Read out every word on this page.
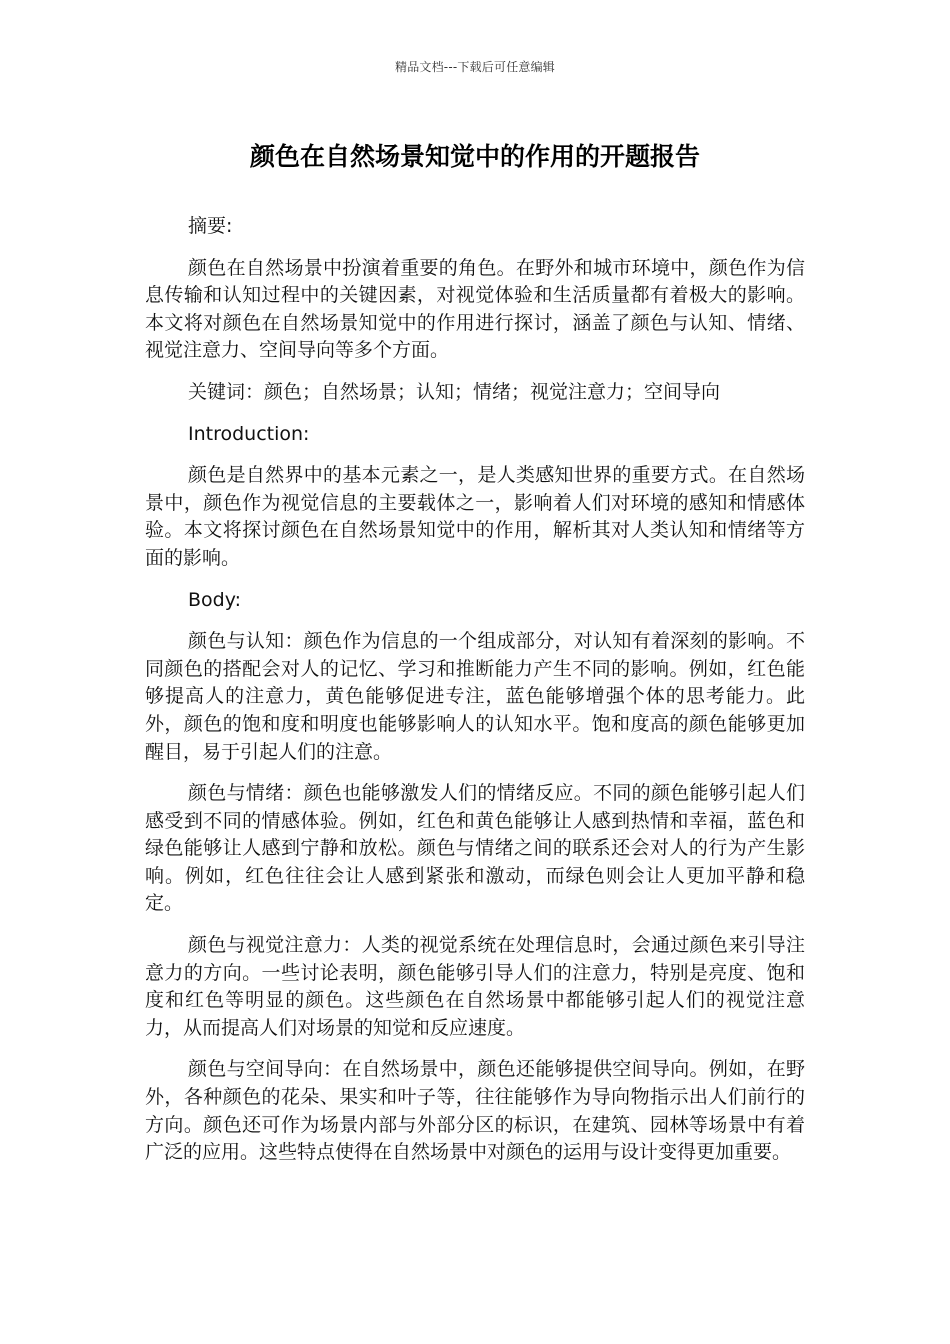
精品文档---下载后可任意编辑
颜色在自然场景知觉中的作用的开题报告

摘要:

颜色在自然场景中扮演着重要的角色。在野外和城市环境中，颜色作为信息传输和认知过程中的关键因素，对视觉体验和生活质量都有着极大的影响。本文将对颜色在自然场景知觉中的作用进行探讨，涵盖了颜色与认知、情绪、视觉注意力、空间导向等多个方面。

关键词：颜色；自然场景；认知；情绪；视觉注意力；空间导向

Introduction:

颜色是自然界中的基本元素之一，是人类感知世界的重要方式。在自然场景中，颜色作为视觉信息的主要载体之一，影响着人们对环境的感知和情感体验。本文将探讨颜色在自然场景知觉中的作用，解析其对人类认知和情绪等方面的影响。

Body:

颜色与认知：颜色作为信息的一个组成部分，对认知有着深刻的影响。不同颜色的搭配会对人的记忆、学习和推断能力产生不同的影响。例如，红色能够提高人的注意力，黄色能够促进专注，蓝色能够增强个体的思考能力。此外，颜色的饱和度和明度也能够影响人的认知水平。饱和度高的颜色能够更加醒目，易于引起人们的注意。

颜色与情绪：颜色也能够激发人们的情绪反应。不同的颜色能够引起人们感受到不同的情感体验。例如，红色和黄色能够让人感到热情和幸福，蓝色和绿色能够让人感到宁静和放松。颜色与情绪之间的联系还会对人的行为产生影响。例如，红色往往会让人感到紧张和激动，而绿色则会让人更加平静和稳定。

颜色与视觉注意力：人类的视觉系统在处理信息时，会通过颜色来引导注意力的方向。一些讨论表明，颜色能够引导人们的注意力，特别是亮度、饱和度和红色等明显的颜色。这些颜色在自然场景中都能够引起人们的视觉注意力，从而提高人们对场景的知觉和反应速度。

颜色与空间导向：在自然场景中，颜色还能够提供空间导向。例如，在野外，各种颜色的花朵、果实和叶子等，往往能够作为导向物指示出人们前行的方向。颜色还可作为场景内部与外部分区的标识，在建筑、园林等场景中有着广泛的应用。这些特点使得在自然场景中对颜色的运用与设计变得更加重要。
